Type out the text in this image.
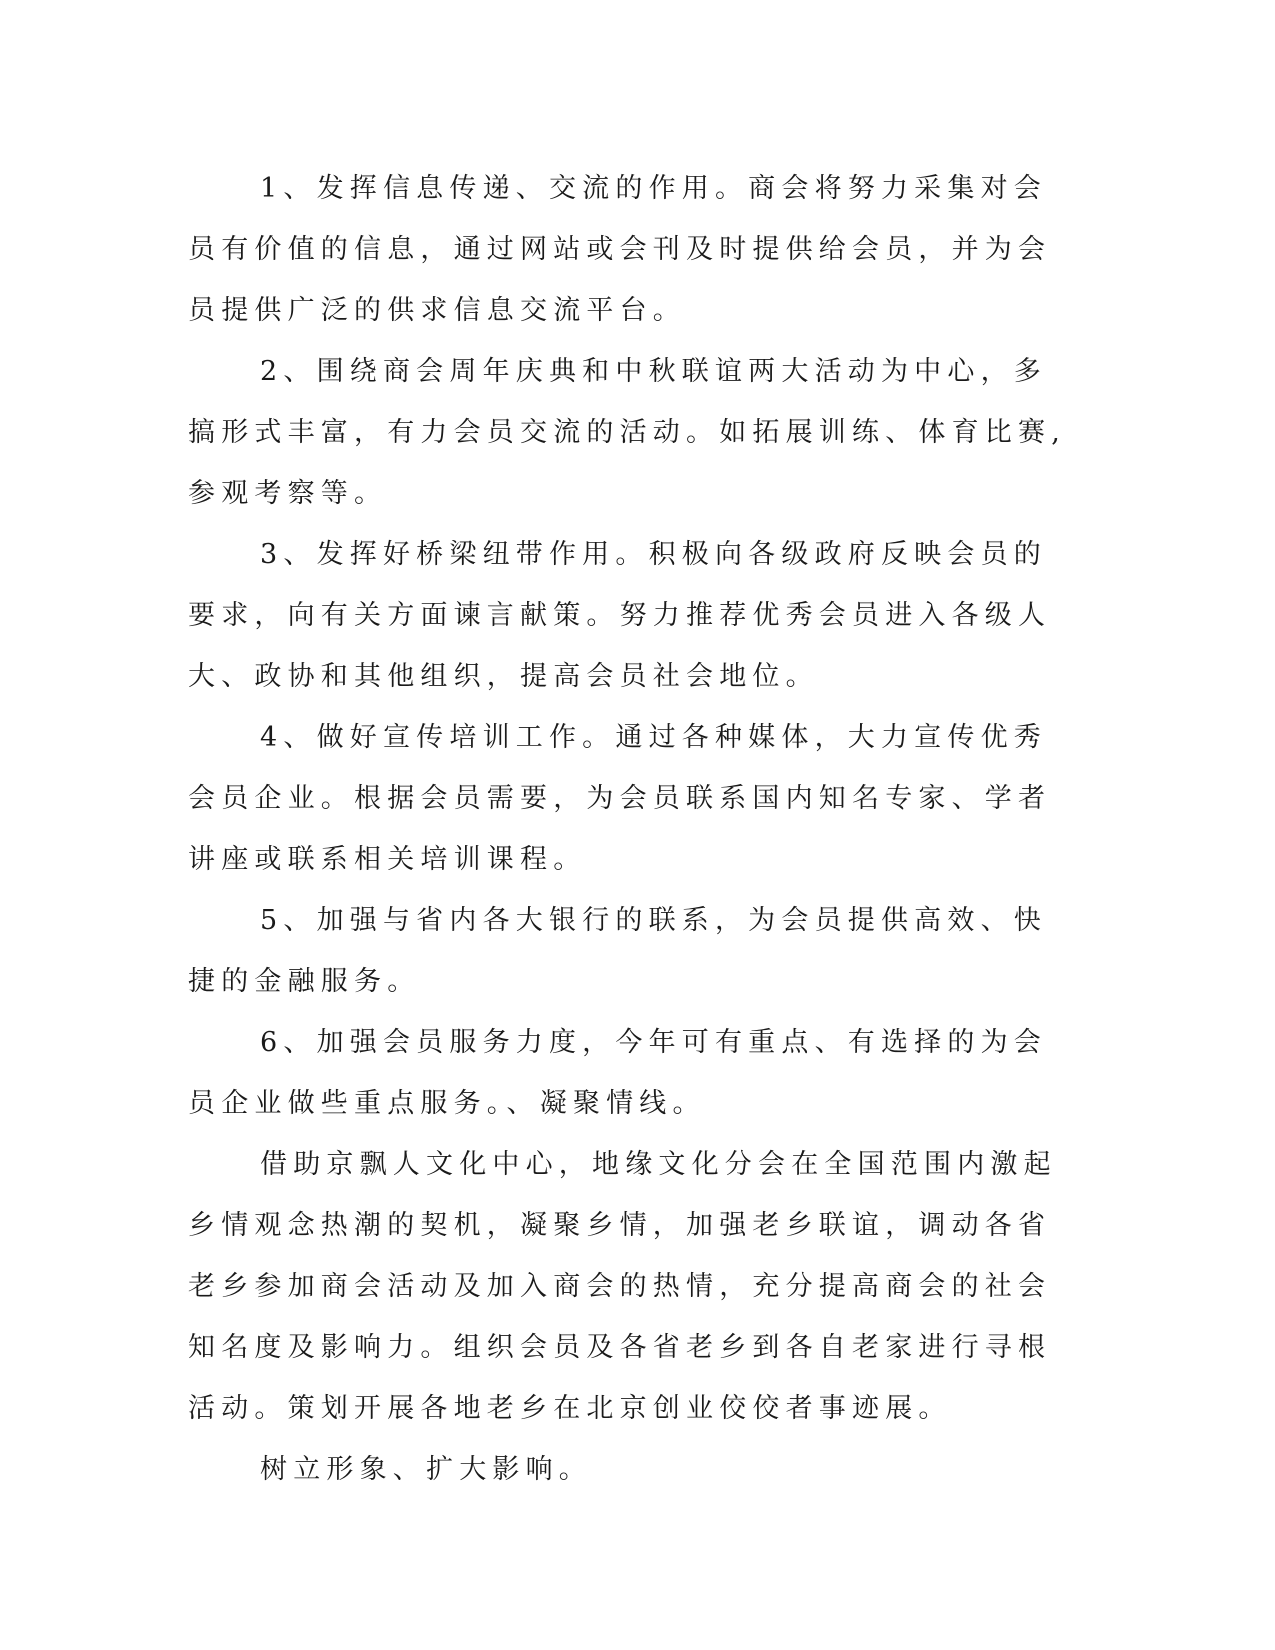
1、发挥信息传递、交流的作用。商会将努力采集对会员有价值的信息，通过网站或会刊及时提供给会员，并为会员提供广泛的供求信息交流平台。

2、围绕商会周年庆典和中秋联谊两大活动为中心，多搞形式丰富，有力会员交流的活动。如拓展训练、体育比赛,参观考察等。

3、发挥好桥梁纽带作用。积极向各级政府反映会员的要求，向有关方面谏言献策。努力推荐优秀会员进入各级人大、政协和其他组织，提高会员社会地位。

4、做好宣传培训工作。通过各种媒体，大力宣传优秀会员企业。根据会员需要，为会员联系国内知名专家、学者讲座或联系相关培训课程。

5、加强与省内各大银行的联系，为会员提供高效、快捷的金融服务。

6、加强会员服务力度，今年可有重点、有选择的为会员企业做些重点服务。、凝聚情线。

借助京飘人文化中心，地缘文化分会在全国范围内激起乡情观念热潮的契机，凝聚乡情，加强老乡联谊，调动各省老乡参加商会活动及加入商会的热情，充分提高商会的社会知名度及影响力。组织会员及各省老乡到各自老家进行寻根活动。策划开展各地老乡在北京创业佼佼者事迹展。

树立形象、扩大影响。
